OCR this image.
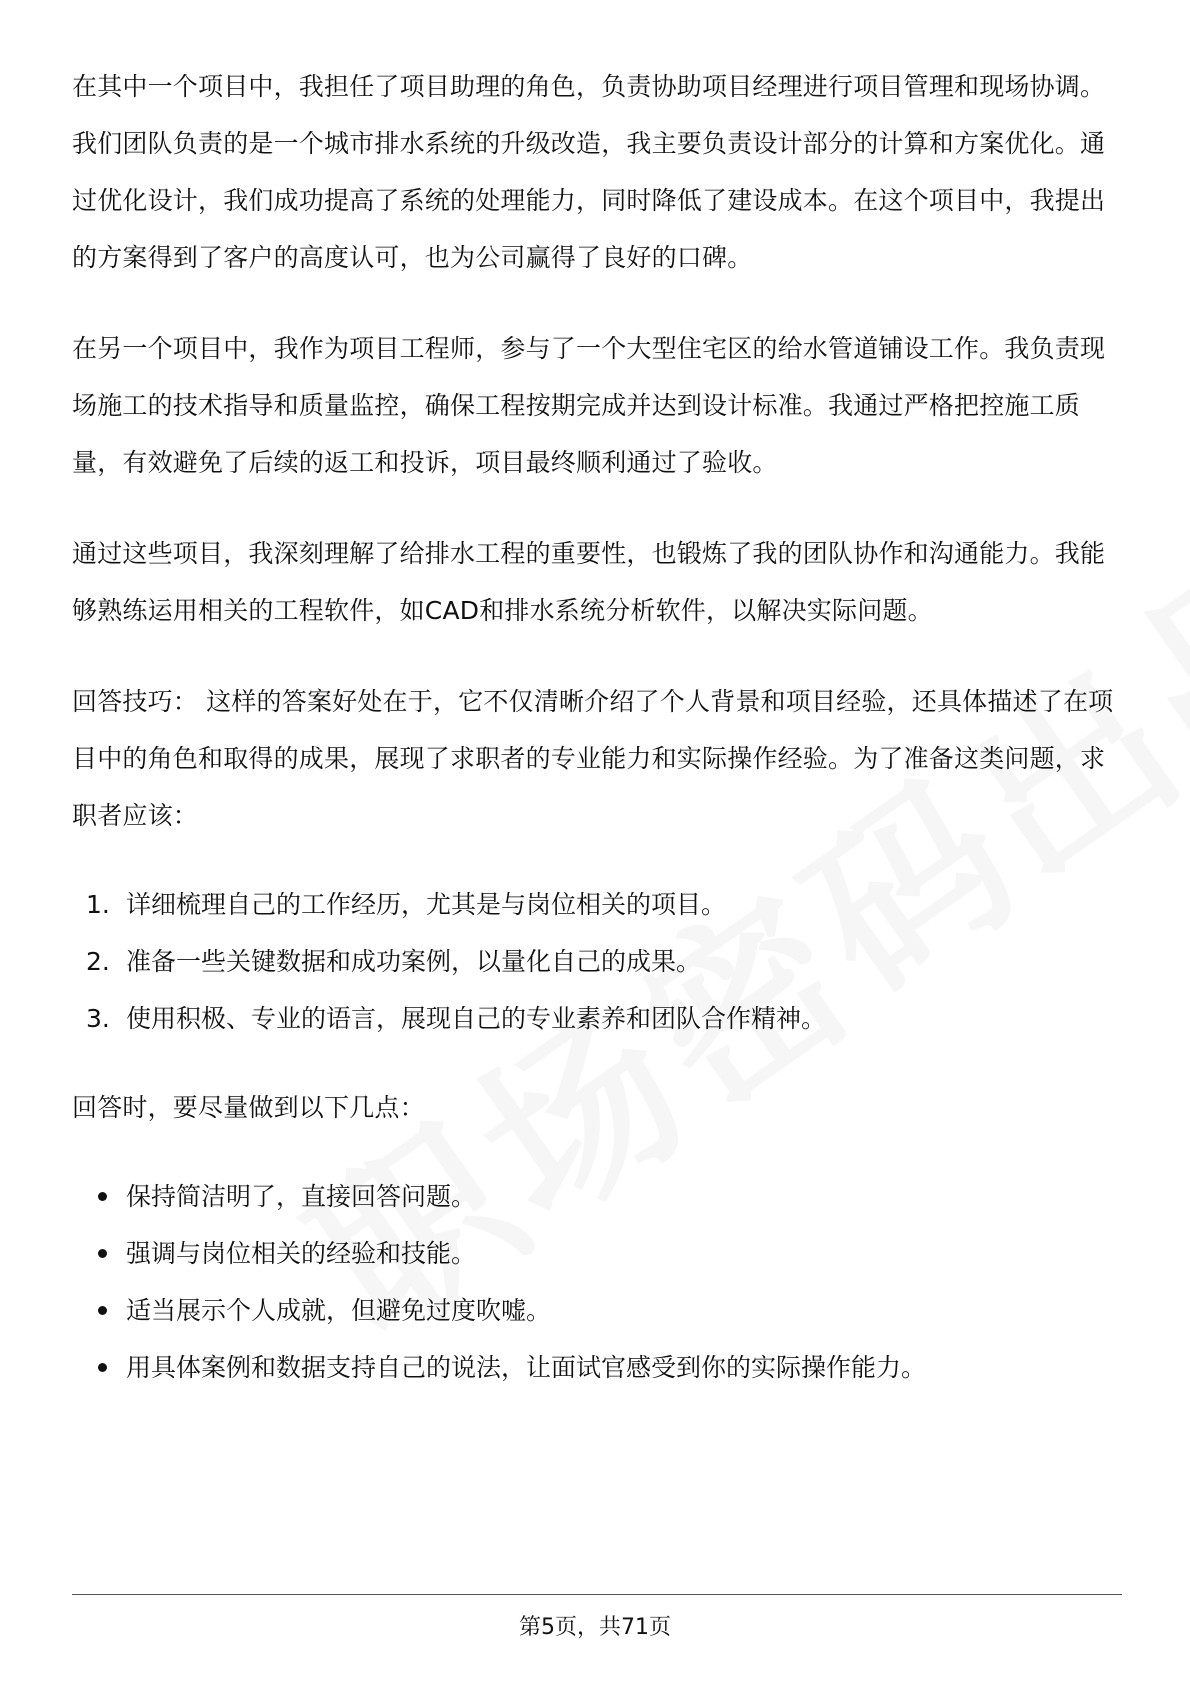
在其中一个项目中，我担任了项目助理的角色，负责协助项目经理进行项目管理和现场协调。我们团队负责的是一个城市排水系统的升级改造，我主要负责设计部分的计算和方案优化。通过优化设计，我们成功提高了系统的处理能力，同时降低了建设成本。在这个项目中，我提出的方案得到了客户的高度认可，也为公司赢得了良好的口碑。

在另一个项目中，我作为项目工程师，参与了一个大型住宅区的给水管道铺设工作。我负责现场施工的技术指导和质量监控，确保工程按期完成并达到设计标准。我通过严格把控施工质量，有效避免了后续的返工和投诉，项目最终顺利通过了验收。

通过这些项目，我深刻理解了给排水工程的重要性，也锻炼了我的团队协作和沟通能力。我能够熟练运用相关的工程软件，如CAD和排水系统分析软件，以解决实际问题。

回答技巧： 这样的答案好处在于，它不仅清晰介绍了个人背景和项目经验，还具体描述了在项目中的角色和取得的成果，展现了求职者的专业能力和实际操作经验。为了准备这类问题，求职者应该：

1. 详细梳理自己的工作经历，尤其是与岗位相关的项目。
2. 准备一些关键数据和成功案例，以量化自己的成果。
3. 使用积极、专业的语言，展现自己的专业素养和团队合作精神。

回答时，要尽量做到以下几点：

保持简洁明了，直接回答问题。
强调与岗位相关的经验和技能。
适当展示个人成就，但避免过度吹嘘。
用具体案例和数据支持自己的说法，让面试官感受到你的实际操作能力。
第5页，共71页
